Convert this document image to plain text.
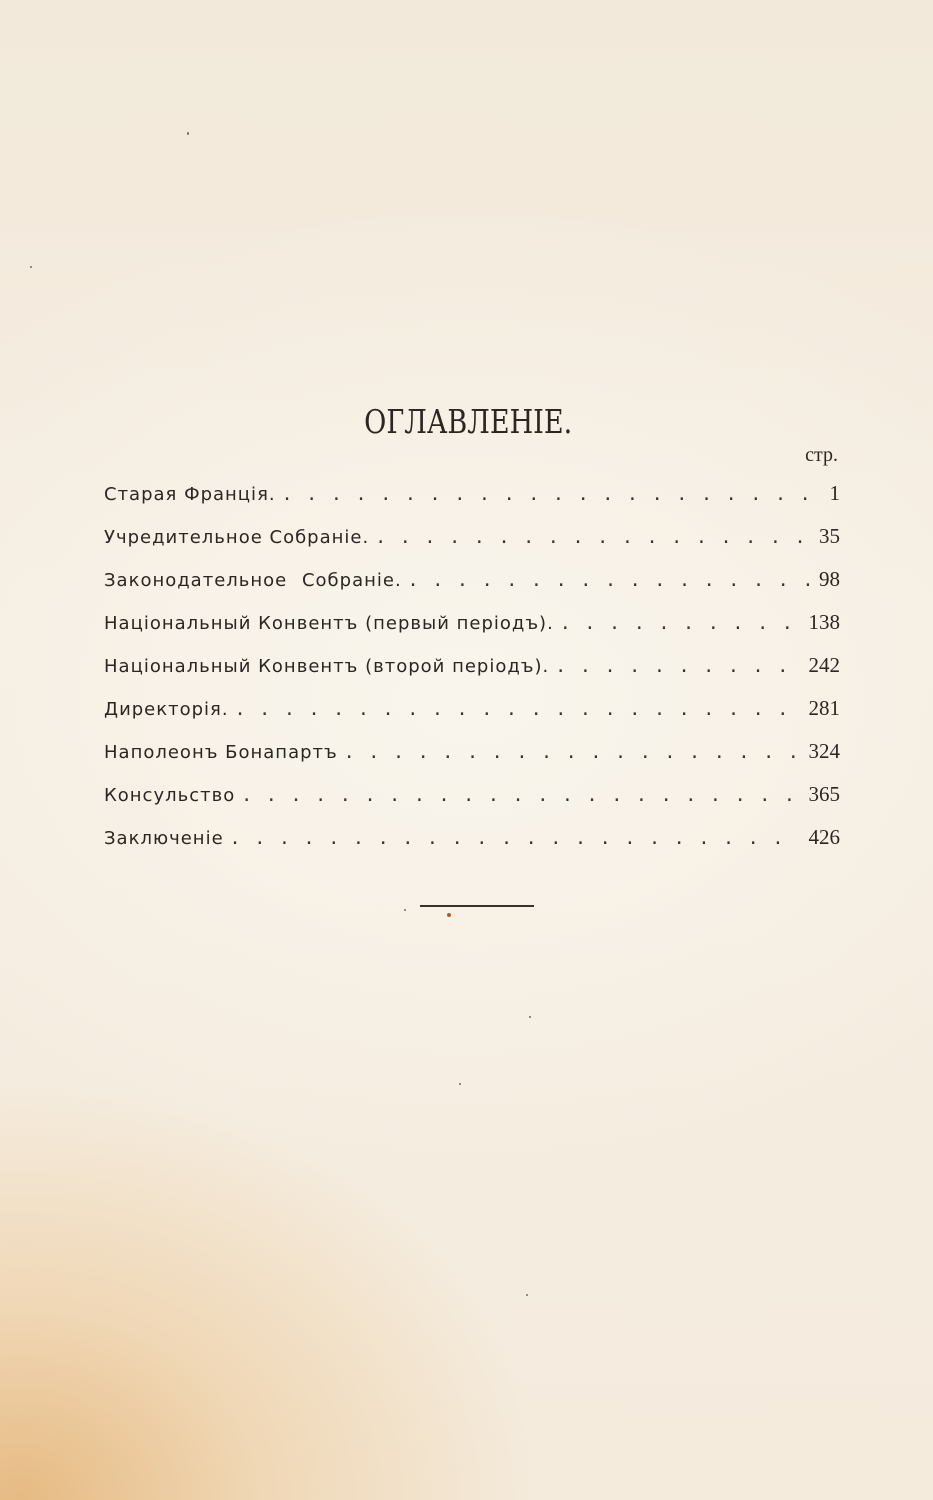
ОГЛАВЛЕНIЕ.
стр.
Старая Францiя. . . .	1
Учредительное Собранiе. . . .	35
Законодательное Собранiе. . . .	98
Нацiональный Конвентъ (первый перiодъ). . . .	138
Нацiональный Конвентъ (второй перiодъ). . . .	242
Директорiя. . . .	281
Наполеонъ Бонапартъ . . .	324
Консульство . . .	365
Заключенiе . . .	426
